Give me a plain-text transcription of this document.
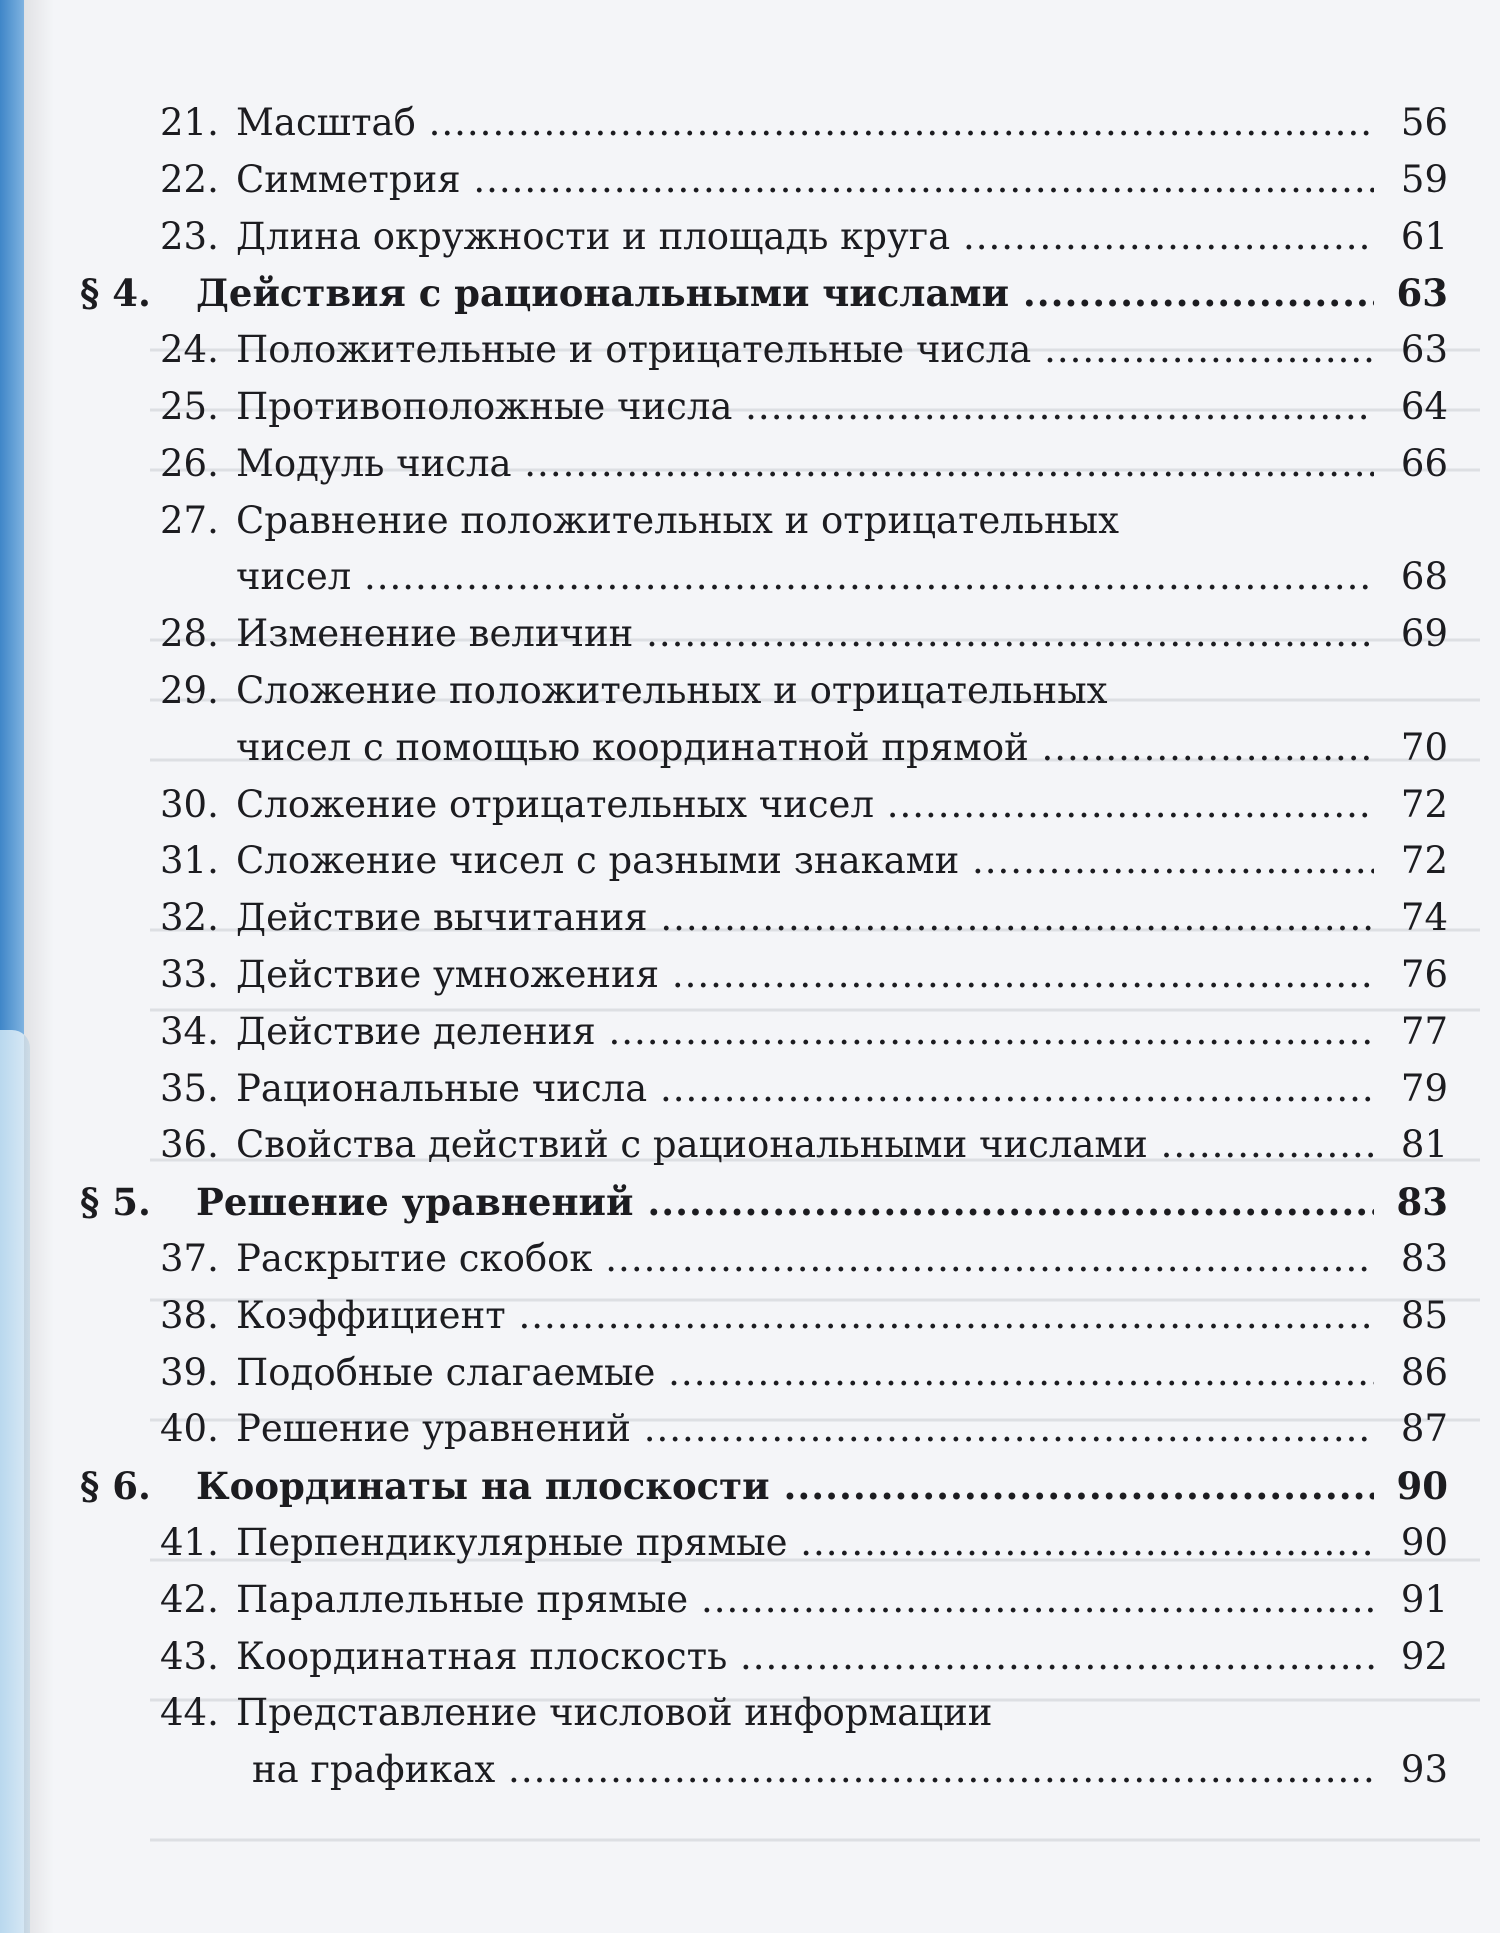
21. Масштаб .....	56
22. Симметрия .....	59
23. Длина окружности и площадь круга .....	61
§ 4. Действия с рациональными числами .....	63
24. Положительные и отрицательные числа .....	63
25. Противоположные числа .....	64
26. Модуль числа .....	66
27. Сравнение положительных и отрицательных
чисел .....	68
28. Изменение величин .....	69
29. Сложение положительных и отрицательных
чисел с помощью координатной прямой .....	70
30. Сложение отрицательных чисел .....	72
31. Сложение чисел с разными знаками .....	72
32. Действие вычитания .....	74
33. Действие умножения .....	76
34. Действие деления .....	77
35. Рациональные числа .....	79
36. Свойства действий с рациональными числами .....	81
§ 5. Решение уравнений .....	83
37. Раскрытие скобок .....	83
38. Коэффициент .....	85
39. Подобные слагаемые .....	86
40. Решение уравнений .....	87
§ 6. Координаты на плоскости .....	90
41. Перпендикулярные прямые .....	90
42. Параллельные прямые .....	91
43. Координатная плоскость .....	92
44. Представление числовой информации
на графиках .....	93
